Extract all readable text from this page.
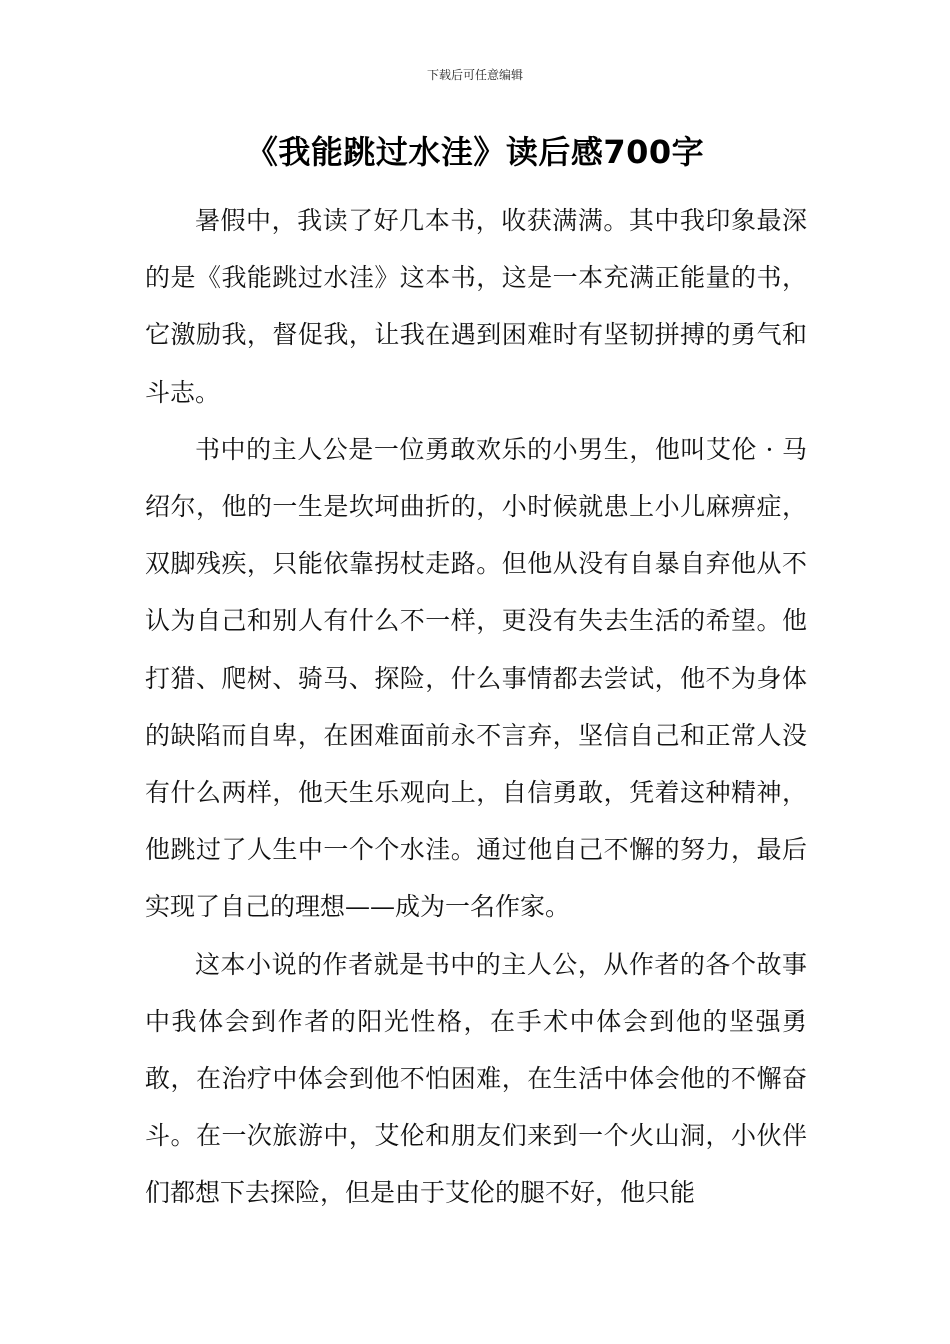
下载后可任意编辑
《我能跳过水洼》读后感700字

暑假中，我读了好几本书，收获满满。其中我印象最深的是《我能跳过水洼》这本书，这是一本充满正能量的书，它激励我，督促我，让我在遇到困难时有坚韧拼搏的勇气和斗志。

书中的主人公是一位勇敢欢乐的小男生，他叫艾伦 · 马绍尔，他的一生是坎坷曲折的，小时候就患上小儿麻痹症，双脚残疾，只能依靠拐杖走路。但他从没有自暴自弃他从不认为自己和别人有什么不一样，更没有失去生活的希望。他打猎、爬树、骑马、探险，什么事情都去尝试，他不为身体的缺陷而自卑，在困难面前永不言弃，坚信自己和正常人没有什么两样，他天生乐观向上，自信勇敢，凭着这种精神，他跳过了人生中一个个水洼。通过他自己不懈的努力，最后实现了自己的理想——成为一名作家。

这本小说的作者就是书中的主人公，从作者的各个故事中我体会到作者的阳光性格，在手术中体会到他的坚强勇敢，在治疗中体会到他不怕困难，在生活中体会他的不懈奋斗。在一次旅游中，艾伦和朋友们来到一个火山洞，小伙伴们都想下去探险，但是由于艾伦的腿不好，他只能
